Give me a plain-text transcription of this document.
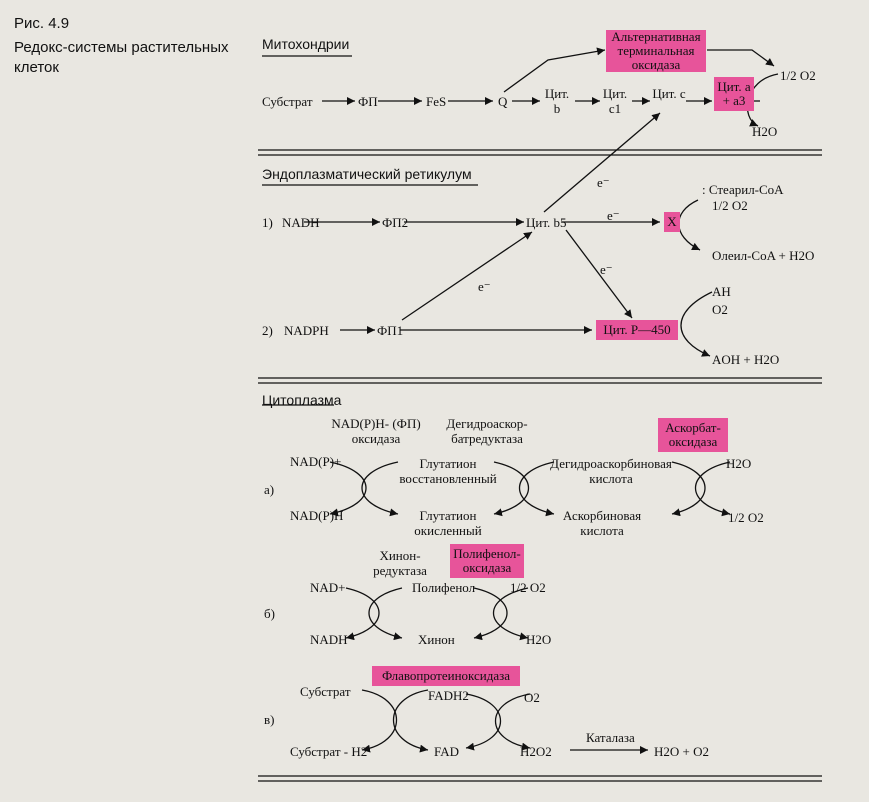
Рис. 4.9
Редокс-системы растительных клеток
Митохондрии
Субстрат	ФП	FeS	Q
Цит. b
Цит. c1
Цит. c Цит. a + a3
Альтернативная терминальная оксидаза
1/2 O2
H2O
Эндоплазматический ретикулум
1) NADH	ФП2	Цит. b5
e⁻
e⁻
e⁻
e⁻
X
: Стеарил-CoA
1/2 O2
Олеил-CoA + H2O
2) NADPH	ФП1	Цит. P—450
AH
O2
AOH + H2O
Цитоплазма
NAD(P)H- (ФП) оксидаза
NAD(P)+
NAD(P)H
а)
Дегидроаскор-батредуктаза
Глутатион восстановленный
Глутатион окисленный
Дегидроаскорбиновая кислота
Аскорбиновая кислота
Аскорбат-оксидаза
H2O
1/2 O2
Хинон-редуктаза
NAD+
NADH
б)
Полифенол
Хинон
Полифенол-оксидаза
1/2 O2
H2O
Флавопротеиноксидаза
в)
Субстрат
Субстрат - H2
FADH2
FAD
O2
H2O2
Каталаза
H2O + O2
